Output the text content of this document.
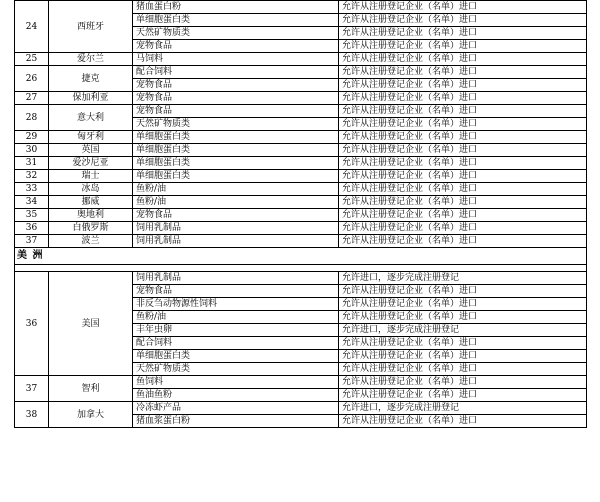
24	西班牙	猪血蛋白粉	允许从注册登记企业（名单）进口
		单细胞蛋白类	允许从注册登记企业（名单）进口
		天然矿物质类	允许从注册登记企业（名单）进口
		宠物食品	允许从注册登记企业（名单）进口
25	爱尔兰	马饲料	允许从注册登记企业（名单）进口
26	捷克	配合饲料	允许从注册登记企业（名单）进口
		宠物食品	允许从注册登记企业（名单）进口
27	保加利亚	宠物食品	允许从注册登记企业（名单）进口
28	意大利	宠物食品	允许从注册登记企业（名单）进口
		天然矿物质类	允许从注册登记企业（名单）进口
29	匈牙利	单细胞蛋白类	允许从注册登记企业（名单）进口
30	英国	单细胞蛋白类	允许从注册登记企业（名单）进口
31	爱沙尼亚	单细胞蛋白类	允许从注册登记企业（名单）进口
32	瑞士	单细胞蛋白类	允许从注册登记企业（名单）进口
33	冰岛	鱼粉/油	允许从注册登记企业（名单）进口
34	挪威	鱼粉/油	允许从注册登记企业（名单）进口
35	奥地利	宠物食品	允许从注册登记企业（名单）进口
36	白俄罗斯	饲用乳制品	允许从注册登记企业（名单）进口
37	波兰	饲用乳制品	允许从注册登记企业（名单）进口
美 洲			

36	美国	饲用乳制品	允许进口，逐步完成注册登记
		宠物食品	允许从注册登记企业（名单）进口
		非反刍动物源性饲料	允许从注册登记企业（名单）进口
		鱼粉/油	允许从注册登记企业（名单）进口
		丰年虫卵	允许进口，逐步完成注册登记
		配合饲料	允许从注册登记企业（名单）进口
		单细胞蛋白类	允许从注册登记企业（名单）进口
		天然矿物质类	允许从注册登记企业（名单）进口
37	智利	鱼饲料	允许从注册登记企业（名单）进口
		鱼油鱼粉	允许从注册登记企业（名单）进口
38	加拿大	冷冻虾产品	允许进口，逐步完成注册登记
		猪血浆蛋白粉	允许从注册登记企业（名单）进口
